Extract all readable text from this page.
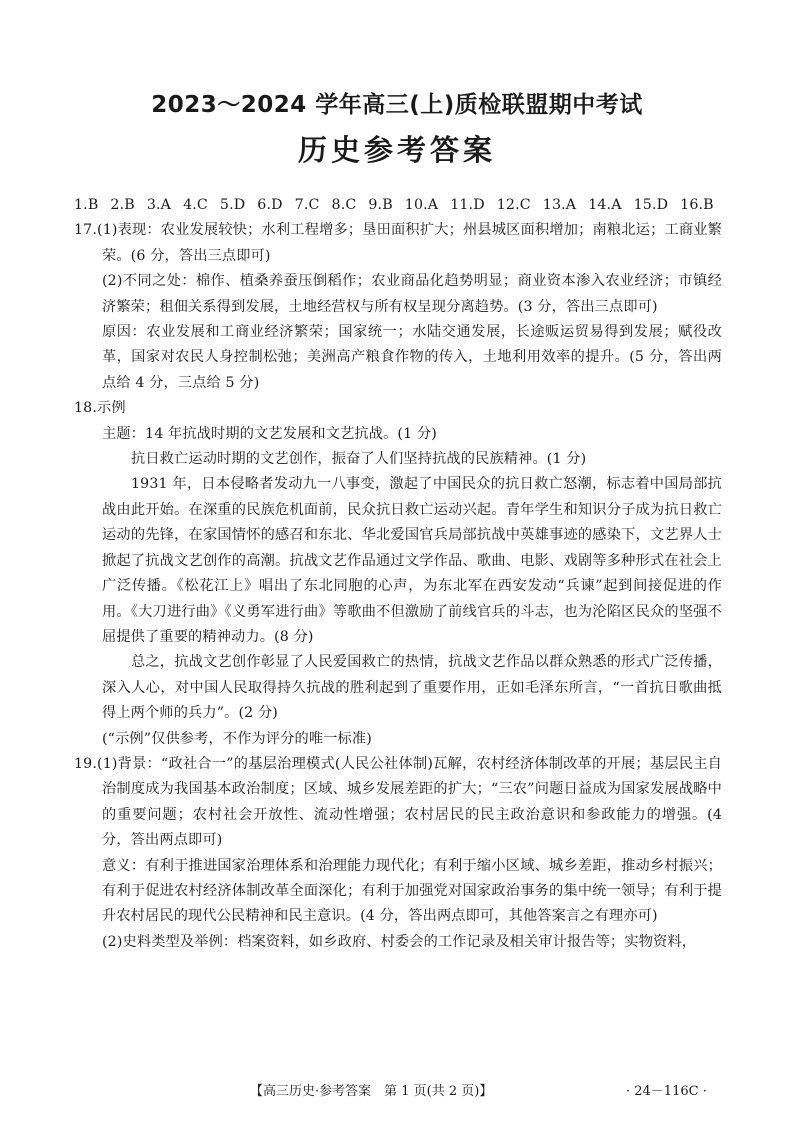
2023～2024 学年高三(上)质检联盟期中考试
历史参考答案

1.B 2.B 3.A 4.C 5.D 6.D 7.C 8.C 9.B 10.A 11.D 12.C 13.A 14.A 15.D 16.B

17.(1)表现：农业发展较快；水利工程增多；垦田面积扩大；州县城区面积增加；南粮北运；工商业繁荣。(6 分，答出三点即可)

(2)不同之处：棉作、植桑养蚕压倒稻作；农业商品化趋势明显；商业资本渗入农业经济；市镇经济繁荣；租佃关系得到发展，土地经营权与所有权呈现分离趋势。(3 分，答出三点即可)

原因：农业发展和工商业经济繁荣；国家统一；水陆交通发展，长途贩运贸易得到发展；赋役改革，国家对农民人身控制松弛；美洲高产粮食作物的传入，土地利用效率的提升。(5 分，答出两点给 4 分，三点给 5 分)

18.示例

主题：14 年抗战时期的文艺发展和文艺抗战。(1 分)

抗日救亡运动时期的文艺创作，振奋了人们坚持抗战的民族精神。(1 分)

1931 年，日本侵略者发动九一八事变，激起了中国民众的抗日救亡怒潮，标志着中国局部抗战由此开始。在深重的民族危机面前，民众抗日救亡运动兴起。青年学生和知识分子成为抗日救亡运动的先锋，在家国情怀的感召和东北、华北爱国官兵局部抗战中英雄事迹的感染下，文艺界人士掀起了抗战文艺创作的高潮。抗战文艺作品通过文学作品、歌曲、电影、戏剧等多种形式在社会上广泛传播。《松花江上》唱出了东北同胞的心声，为东北军在西安发动“兵谏”起到间接促进的作用。《大刀进行曲》《义勇军进行曲》等歌曲不但激励了前线官兵的斗志，也为沦陷区民众的坚强不屈提供了重要的精神动力。(8 分)

总之，抗战文艺创作彰显了人民爱国救亡的热情，抗战文艺作品以群众熟悉的形式广泛传播，深入人心，对中国人民取得持久抗战的胜利起到了重要作用，正如毛泽东所言，“一首抗日歌曲抵得上两个师的兵力”。(2 分)

(“示例”仅供参考，不作为评分的唯一标准)

19.(1)背景：“政社合一”的基层治理模式(人民公社体制)瓦解，农村经济体制改革的开展；基层民主自治制度成为我国基本政治制度；区域、城乡发展差距的扩大；“三农”问题日益成为国家发展战略中的重要问题；农村社会开放性、流动性增强；农村居民的民主政治意识和参政能力的增强。(4 分，答出两点即可)

意义：有利于推进国家治理体系和治理能力现代化；有利于缩小区域、城乡差距，推动乡村振兴；有利于促进农村经济体制改革全面深化；有利于加强党对国家政治事务的集中统一领导；有利于提升农村居民的现代公民精神和民主意识。(4 分，答出两点即可，其他答案言之有理亦可)

(2)史料类型及举例：档案资料，如乡政府、村委会的工作记录及相关审计报告等；实物资料，

【高三历史·参考答案　第 1 页(共 2 页)】	· 24－116C ·
